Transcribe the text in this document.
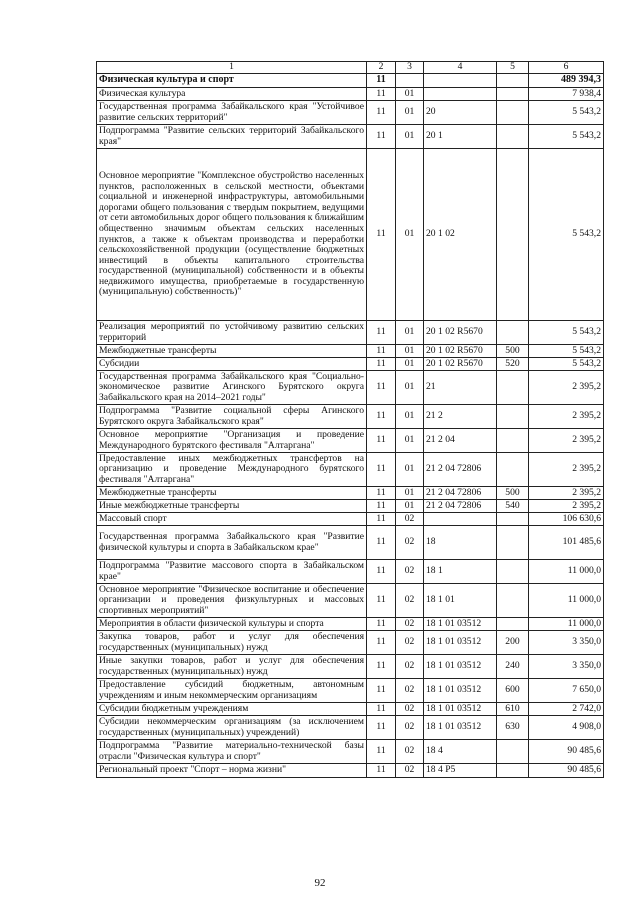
1	2	3	4	5	6
Физическая культура и спорт	11				489 394,3
Физическая культура	11	01			7 938,4
Государственная программа Забайкальского края "Устойчивое развитие сельских территорий"	11	01	20		5 543,2
Подпрограмма "Развитие сельских территорий Забайкальского края"	11	01	20 1		5 543,2
Основное мероприятие "Комплексное обустройство населенных пунктов, расположенных в сельской местности, объектами социальной и инженерной инфраструктуры, автомобильными дорогами общего пользования с твердым покрытием, ведущими от сети автомобильных дорог общего пользования к ближайшим общественно значимым объектам сельских населенных пунктов, а также к объектам производства и переработки сельскохозяйственной продукции (осуществление бюджетных инвестиций в объекты капитального строительства государственной (муниципальной) собственности и в объекты недвижимого имущества, приобретаемые в государственную (муниципальную) собственность)"	11	01	20 1 02		5 543,2
Реализация мероприятий по устойчивому развитию сельских территорий	11	01	20 1 02 R5670		5 543,2
Межбюджетные трансферты	11	01	20 1 02 R5670	500	5 543,2
Субсидии	11	01	20 1 02 R5670	520	5 543,2
Государственная программа Забайкальского края "Социально-экономическое развитие Агинского Бурятского округа Забайкальского края на 2014–2021 годы"	11	01	21		2 395,2
Подпрограмма "Развитие социальной сферы Агинского Бурятского округа Забайкальского края"	11	01	21 2		2 395,2
Основное мероприятие "Организация и проведение Международного бурятского фестиваля "Алтаргана"	11	01	21 2 04		2 395,2
Предоставление иных межбюджетных трансфертов на организацию и проведение Международного бурятского фестиваля "Алтаргана"	11	01	21 2 04 72806		2 395,2
Межбюджетные трансферты	11	01	21 2 04 72806	500	2 395,2
Иные межбюджетные трансферты	11	01	21 2 04 72806	540	2 395,2
Массовый спорт	11	02			106 630,6
Государственная программа Забайкальского края "Развитие физической культуры и спорта в Забайкальском крае"	11	02	18		101 485,6
Подпрограмма "Развитие массового спорта в Забайкальском крае"	11	02	18 1		11 000,0
Основное мероприятие "Физическое воспитание и обеспечение организации и проведения физкультурных и массовых спортивных мероприятий"	11	02	18 1 01		11 000,0
Мероприятия в области физической культуры и спорта	11	02	18 1 01 03512		11 000,0
Закупка товаров, работ и услуг для обеспечения государственных (муниципальных) нужд	11	02	18 1 01 03512	200	3 350,0
Иные закупки товаров, работ и услуг для обеспечения государственных (муниципальных) нужд	11	02	18 1 01 03512	240	3 350,0
Предоставление субсидий бюджетным, автономным учреждениям и иным некоммерческим организациям	11	02	18 1 01 03512	600	7 650,0
Субсидии бюджетным учреждениям	11	02	18 1 01 03512	610	2 742,0
Субсидии некоммерческим организациям (за исключением государственных (муниципальных) учреждений)	11	02	18 1 01 03512	630	4 908,0
Подпрограмма "Развитие материально-технической базы отрасли "Физическая культура и спорт"	11	02	18 4		90 485,6
Региональный проект "Спорт – норма жизни"	11	02	18 4 P5		90 485,6
92
